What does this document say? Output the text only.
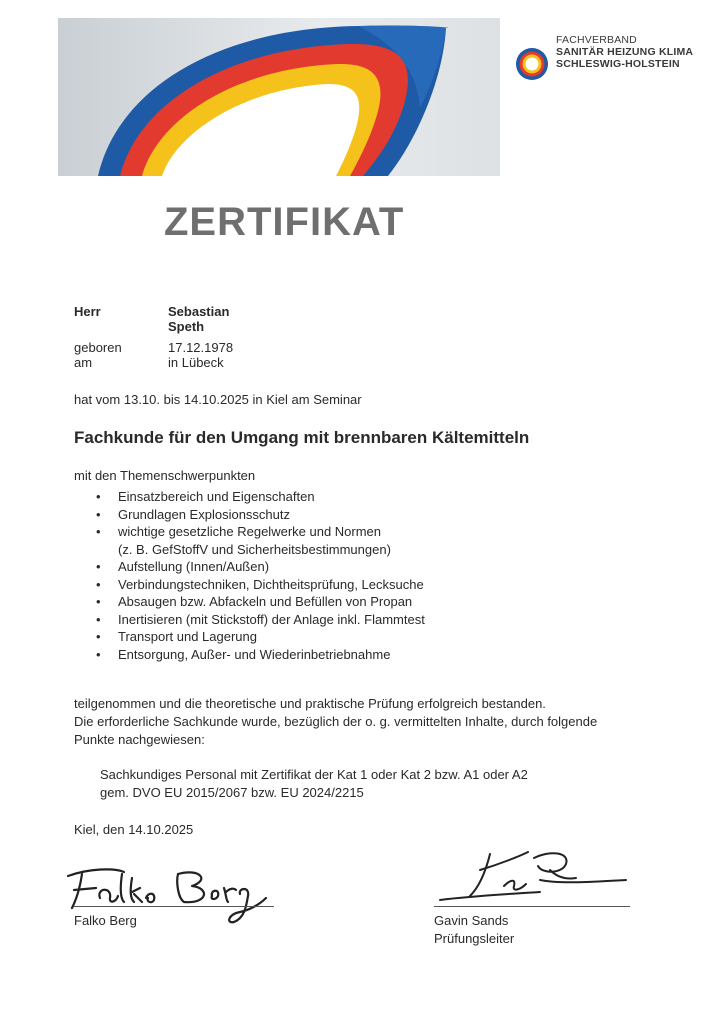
FACHVERBAND
SANITÄR HEIZUNG KLIMA
SCHLESWIG-HOLSTEIN
ZERTIFIKAT
Herr	Sebastian Speth
geboren am
17.12.1978 in Lübeck
hat vom 13.10. bis 14.10.2025 in Kiel am Seminar
Fachkunde für den Umgang mit brennbaren Kältemitteln
mit den Themenschwerpunkten
• Einsatzbereich und Eigenschaften
• Grundlagen Explosionsschutz
• wichtige gesetzliche Regelwerke und Normen
(z. B. GefStoffV und Sicherheitsbestimmungen)
• Aufstellung (Innen/Außen)
• Verbindungstechniken, Dichtheitsprüfung, Lecksuche
• Absaugen bzw. Abfackeln und Befüllen von Propan
• Inertisieren (mit Stickstoff) der Anlage inkl. Flammtest
• Transport und Lagerung
• Entsorgung, Außer- und Wiederinbetriebnahme
teilgenommen und die theoretische und praktische Prüfung erfolgreich bestanden.
Die erforderliche Sachkunde wurde, bezüglich der o. g. vermittelten Inhalte, durch folgende
Punkte nachgewiesen:
Sachkundiges Personal mit Zertifikat der Kat 1 oder Kat 2 bzw. A1 oder A2
gem. DVO EU 2015/2067 bzw. EU 2024/2215
Kiel, den 14.10.2025
Falko Berg	Gavin Sands
Prüfungsleiter
